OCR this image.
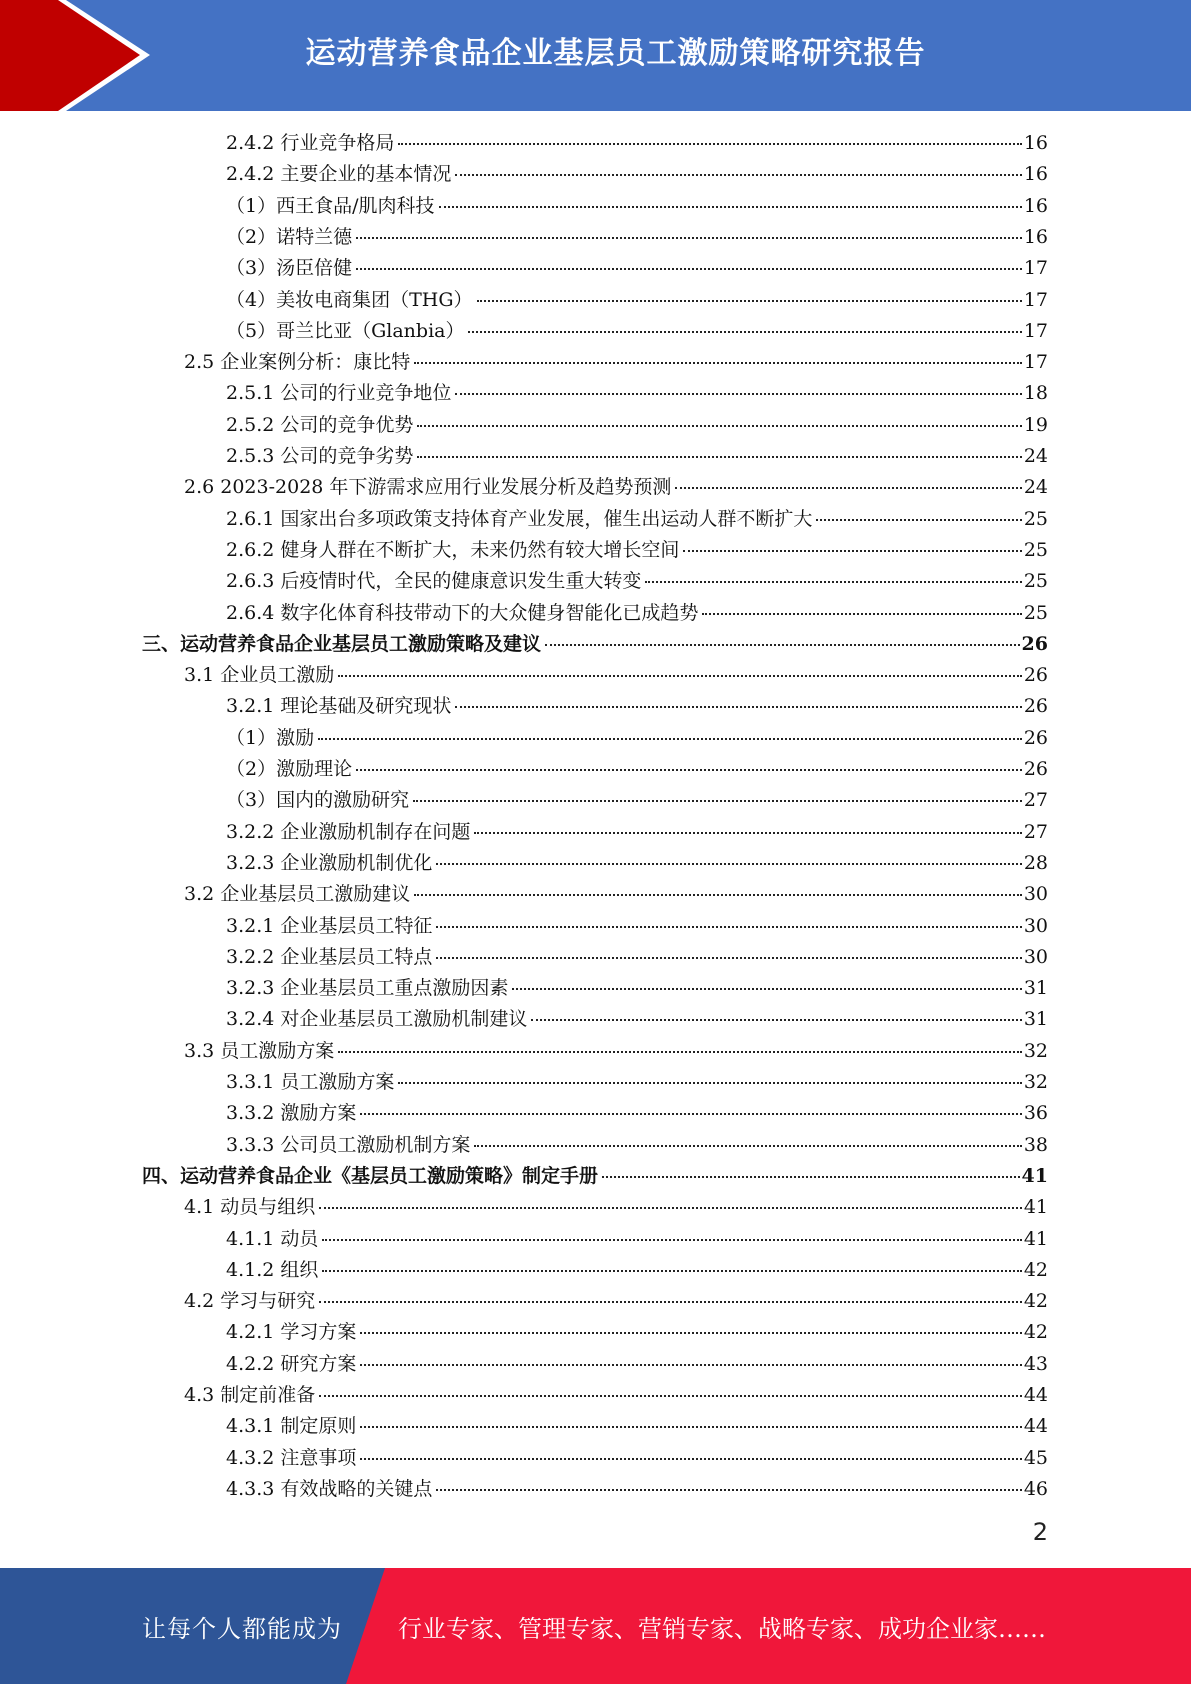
运动营养食品企业基层员工激励策略研究报告
2.4.2 行业竞争格局	16
2.4.2 主要企业的基本情况	16
（1）西王食品/肌肉科技	16
（2）诺特兰德	16
（3）汤臣倍健	17
（4）美妆电商集团（THG）	17
（5）哥兰比亚（Glanbia）	17
2.5 企业案例分析：康比特	17
2.5.1 公司的行业竞争地位	18
2.5.2 公司的竞争优势	19
2.5.3 公司的竞争劣势	24
2.6 2023-2028 年下游需求应用行业发展分析及趋势预测	24
2.6.1 国家出台多项政策支持体育产业发展，催生出运动人群不断扩大	25
2.6.2 健身人群在不断扩大，未来仍然有较大增长空间	25
2.6.3 后疫情时代，全民的健康意识发生重大转变	25
2.6.4 数字化体育科技带动下的大众健身智能化已成趋势	25
三、运动营养食品企业基层员工激励策略及建议	26
3.1 企业员工激励	26
3.2.1 理论基础及研究现状	26
（1）激励	26
（2）激励理论	26
（3）国内的激励研究	27
3.2.2 企业激励机制存在问题	27
3.2.3 企业激励机制优化	28
3.2 企业基层员工激励建议	30
3.2.1 企业基层员工特征	30
3.2.2 企业基层员工特点	30
3.2.3 企业基层员工重点激励因素	31
3.2.4 对企业基层员工激励机制建议	31
3.3 员工激励方案	32
3.3.1 员工激励方案	32
3.3.2 激励方案	36
3.3.3 公司员工激励机制方案	38
四、运动营养食品企业《基层员工激励策略》制定手册	41
4.1 动员与组织	41
4.1.1 动员	41
4.1.2 组织	42
4.2 学习与研究	42
4.2.1 学习方案	42
4.2.2 研究方案	43
4.3 制定前准备	44
4.3.1 制定原则	44
4.3.2 注意事项	45
4.3.3 有效战略的关键点	46
2
让每个人都能成为 行业专家、管理专家、营销专家、战略专家、成功企业家……
